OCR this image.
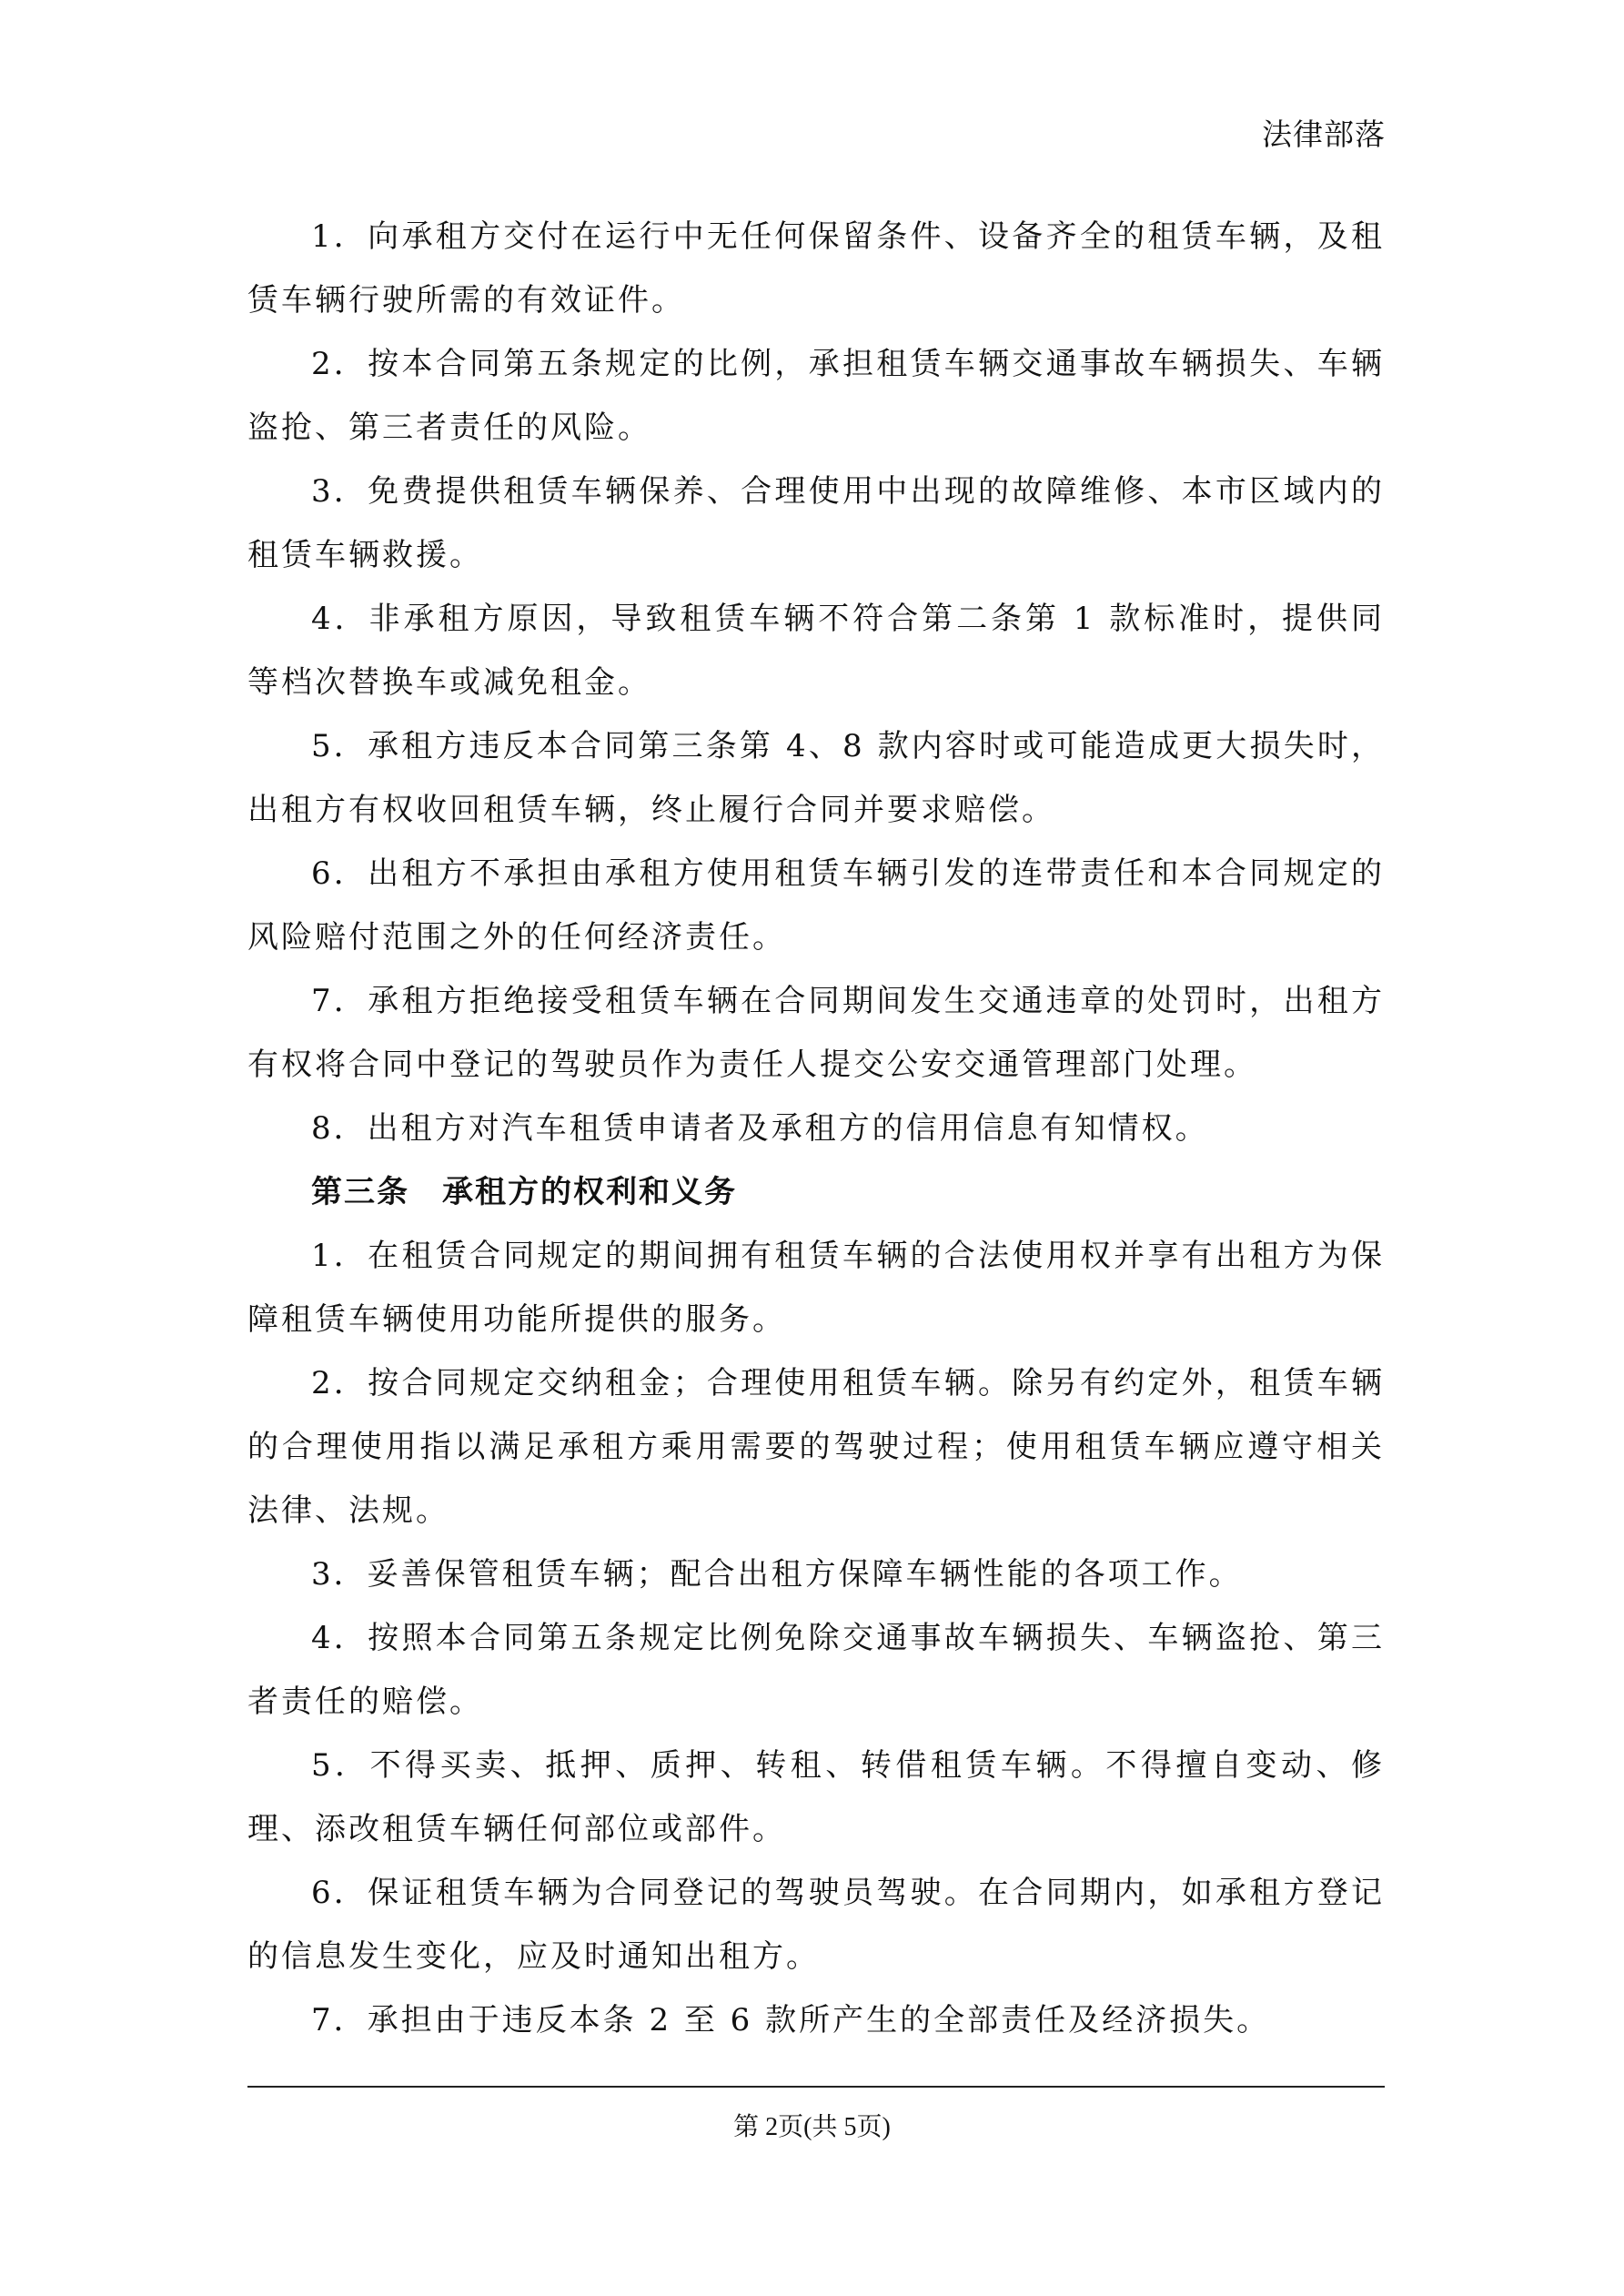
法律部落

1．向承租方交付在运行中无任何保留条件、设备齐全的租赁车辆，及租赁车辆行驶所需的有效证件。

2．按本合同第五条规定的比例，承担租赁车辆交通事故车辆损失、车辆盗抢、第三者责任的风险。

3．免费提供租赁车辆保养、合理使用中出现的故障维修、本市区域内的租赁车辆救援。

4．非承租方原因，导致租赁车辆不符合第二条第 1 款标准时，提供同等档次替换车或减免租金。

5．承租方违反本合同第三条第 4、8 款内容时或可能造成更大损失时，出租方有权收回租赁车辆，终止履行合同并要求赔偿。

6．出租方不承担由承租方使用租赁车辆引发的连带责任和本合同规定的风险赔付范围之外的任何经济责任。

7．承租方拒绝接受租赁车辆在合同期间发生交通违章的处罚时，出租方有权将合同中登记的驾驶员作为责任人提交公安交通管理部门处理。

8．出租方对汽车租赁申请者及承租方的信用信息有知情权。

第三条 承租方的权利和义务

1．在租赁合同规定的期间拥有租赁车辆的合法使用权并享有出租方为保障租赁车辆使用功能所提供的服务。

2．按合同规定交纳租金；合理使用租赁车辆。除另有约定外，租赁车辆的合理使用指以满足承租方乘用需要的驾驶过程；使用租赁车辆应遵守相关法律、法规。

3．妥善保管租赁车辆；配合出租方保障车辆性能的各项工作。

4．按照本合同第五条规定比例免除交通事故车辆损失、车辆盗抢、第三者责任的赔偿。

5．不得买卖、抵押、质押、转租、转借租赁车辆。不得擅自变动、修理、添改租赁车辆任何部位或部件。

6．保证租赁车辆为合同登记的驾驶员驾驶。在合同期内，如承租方登记的信息发生变化，应及时通知出租方。

7．承担由于违反本条 2 至 6 款所产生的全部责任及经济损失。

第 2页(共 5页)
